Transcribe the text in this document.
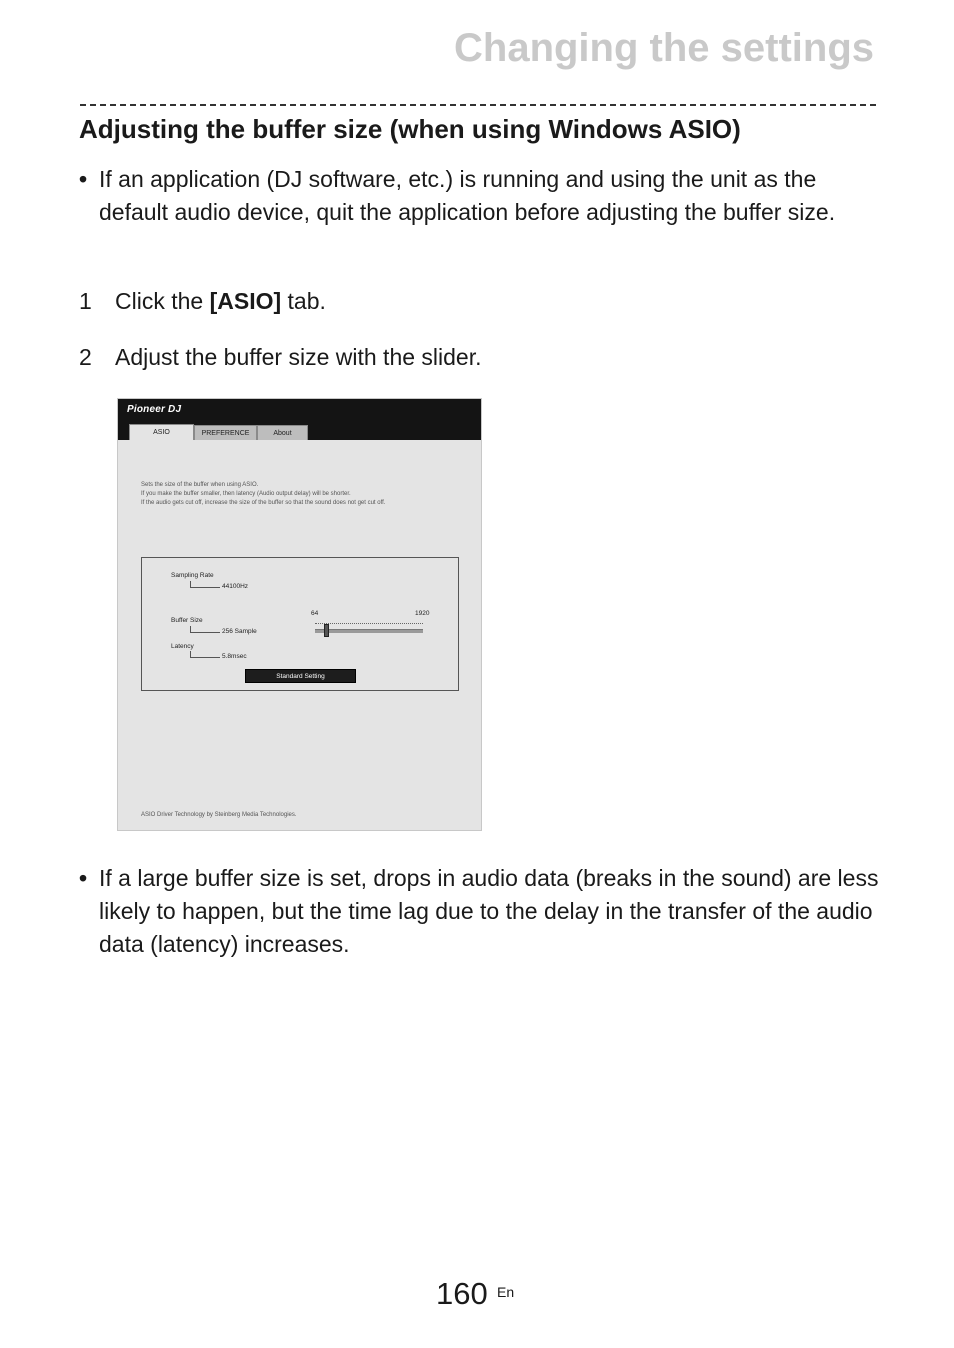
Changing the settings
Adjusting the buffer size (when using Windows ASIO)
• If an application (DJ software, etc.) is running and using the unit as the default audio device, quit the application before adjusting the buffer size.
1 Click the [ASIO] tab.
2 Adjust the buffer size with the slider.
Pioneer DJ
ASIO	PREFERENCE	About
Sets the size of the buffer when using ASIO.
If you make the buffer smaller, then latency (Audio output delay) will be shorter.
If the audio gets cut off, increase the size of the buffer so that the sound does not get cut off.
Sampling Rate
44100Hz
Buffer Size
256 Sample
Latency
5.8msec
64	1920
Standard Setting
ASIO Driver Technology by Steinberg Media Technologies.
• If a large buffer size is set, drops in audio data (breaks in the sound) are less likely to happen, but the time lag due to the delay in the transfer of the audio data (latency) increases.
160 En
